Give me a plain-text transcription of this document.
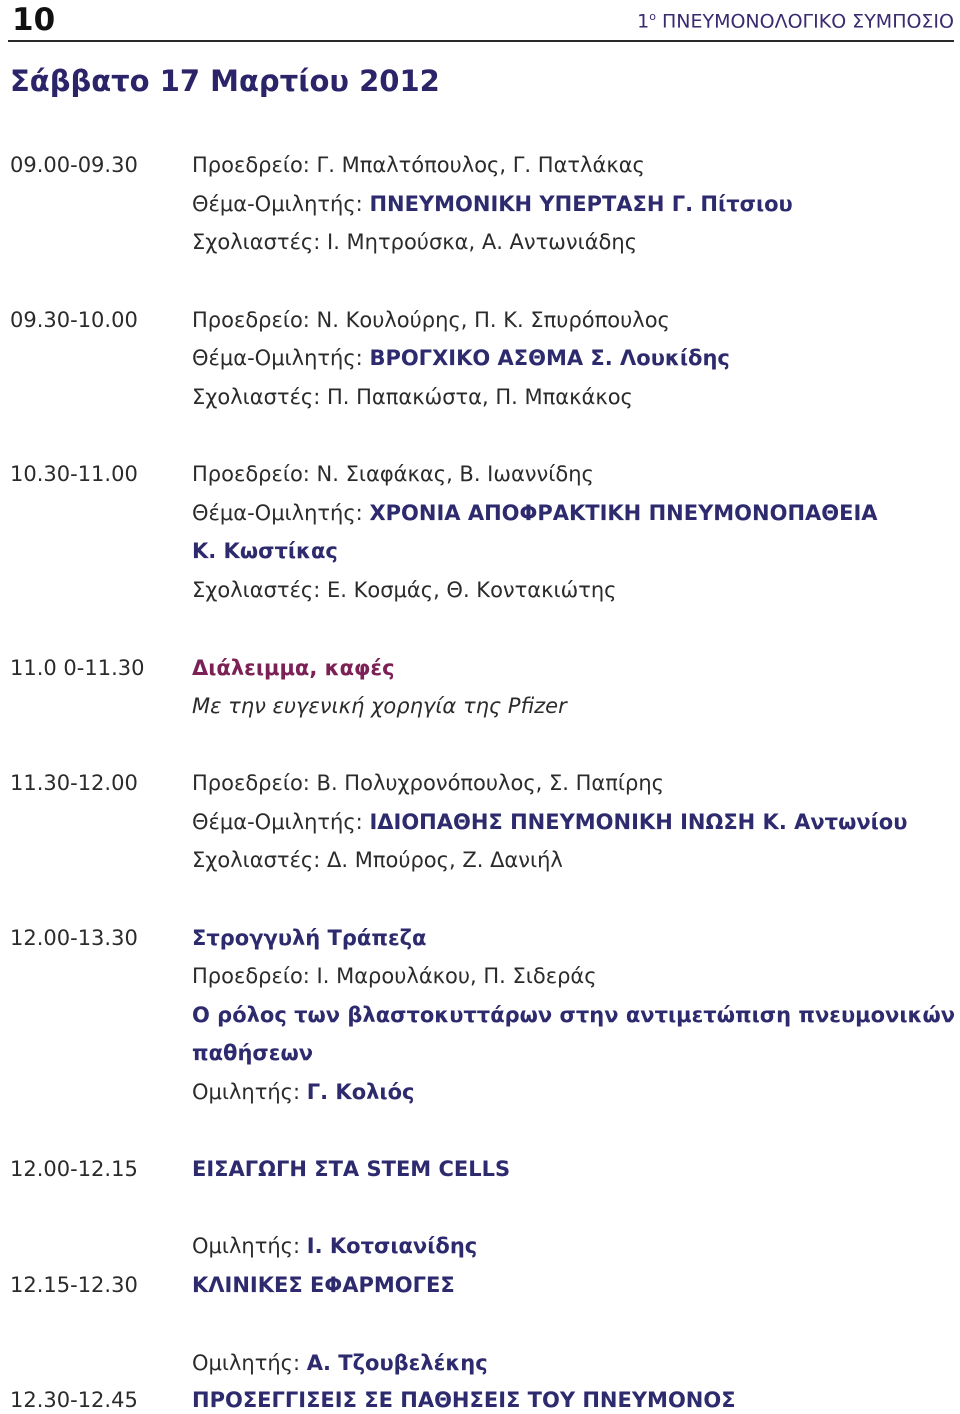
10	$1^o$ ΠΝΕΥΜΟΝΟΛΟΓΙΚΟ ΣΥΜΠΟΣΙΟ
Σάββατο 17 Μαρτίου 2012
09.00-09.30	Προεδρείο: Γ. Μπαλτόπουλος, Γ. Πατλάκας
Θέμα-Ομιλητής: ΠΝΕΥΜΟΝΙΚΗ ΥΠΕΡΤΑΣΗ Γ. Πίτσιου
Σχολιαστές: Ι. Μητρούσκα, Α. Αντωνιάδης
09.30-10.00	Προεδρείο: Ν. Κουλούρης, Π. Κ. Σπυρόπουλος
Θέμα-Ομιλητής: ΒΡΟΓΧΙΚΟ ΑΣΘΜΑ Σ. Λουκίδης
Σχολιαστές: Π. Παπακώστα, Π. Μπακάκος
10.30-11.00	Προεδρείο: Ν. Σιαφάκας, Β. Ιωαννίδης
Θέμα-Ομιλητής: ΧΡΟΝΙΑ ΑΠΟΦΡΑΚΤΙΚΗ ΠΝΕΥΜΟΝΟΠΑΘΕΙΑ
Κ. Κωστίκας
Σχολιαστές: Ε. Κοσμάς, Θ. Κοντακιώτης
11.0 0-11.30 Διάλειμμα, καφές
Με την ευγενική χορηγία της Pfizer
11.30-12.00	Προεδρείο: Β. Πολυχρονόπουλος, Σ. Παπίρης
Θέμα-Ομιλητής: ΙΔΙΟΠΑΘΗΣ ΠΝΕΥΜΟΝΙΚΗ ΙΝΩΣΗ Κ. Αντωνίου
Σχολιαστές: Δ. Μπούρος, Ζ. Δανιήλ
12.00-13.30	Στρογγυλή Τράπεζα
Προεδρείο: Ι. Μαρουλάκου, Π. Σιδεράς
Ο ρόλος των βλαστοκυττάρων στην αντιμετώπιση πνευμονικών
παθήσεων
Ομιλητής: Γ. Κολιός
12.00-12.15	ΕΙΣΑΓΩΓΗ ΣΤΑ STEM CELLS
Ομιλητής: Ι. Κοτσιανίδης
12.15-12.30	ΚΛΙΝΙΚΕΣ ΕΦΑΡΜΟΓΕΣ
Ομιλητής: Α. Τζουβελέκης
12.30-12.45	ΠΡΟΣΕΓΓΙΣΕΙΣ ΣΕ ΠΑΘΗΣΕΙΣ ΤΟΥ ΠΝΕΥΜΟΝΟΣ
